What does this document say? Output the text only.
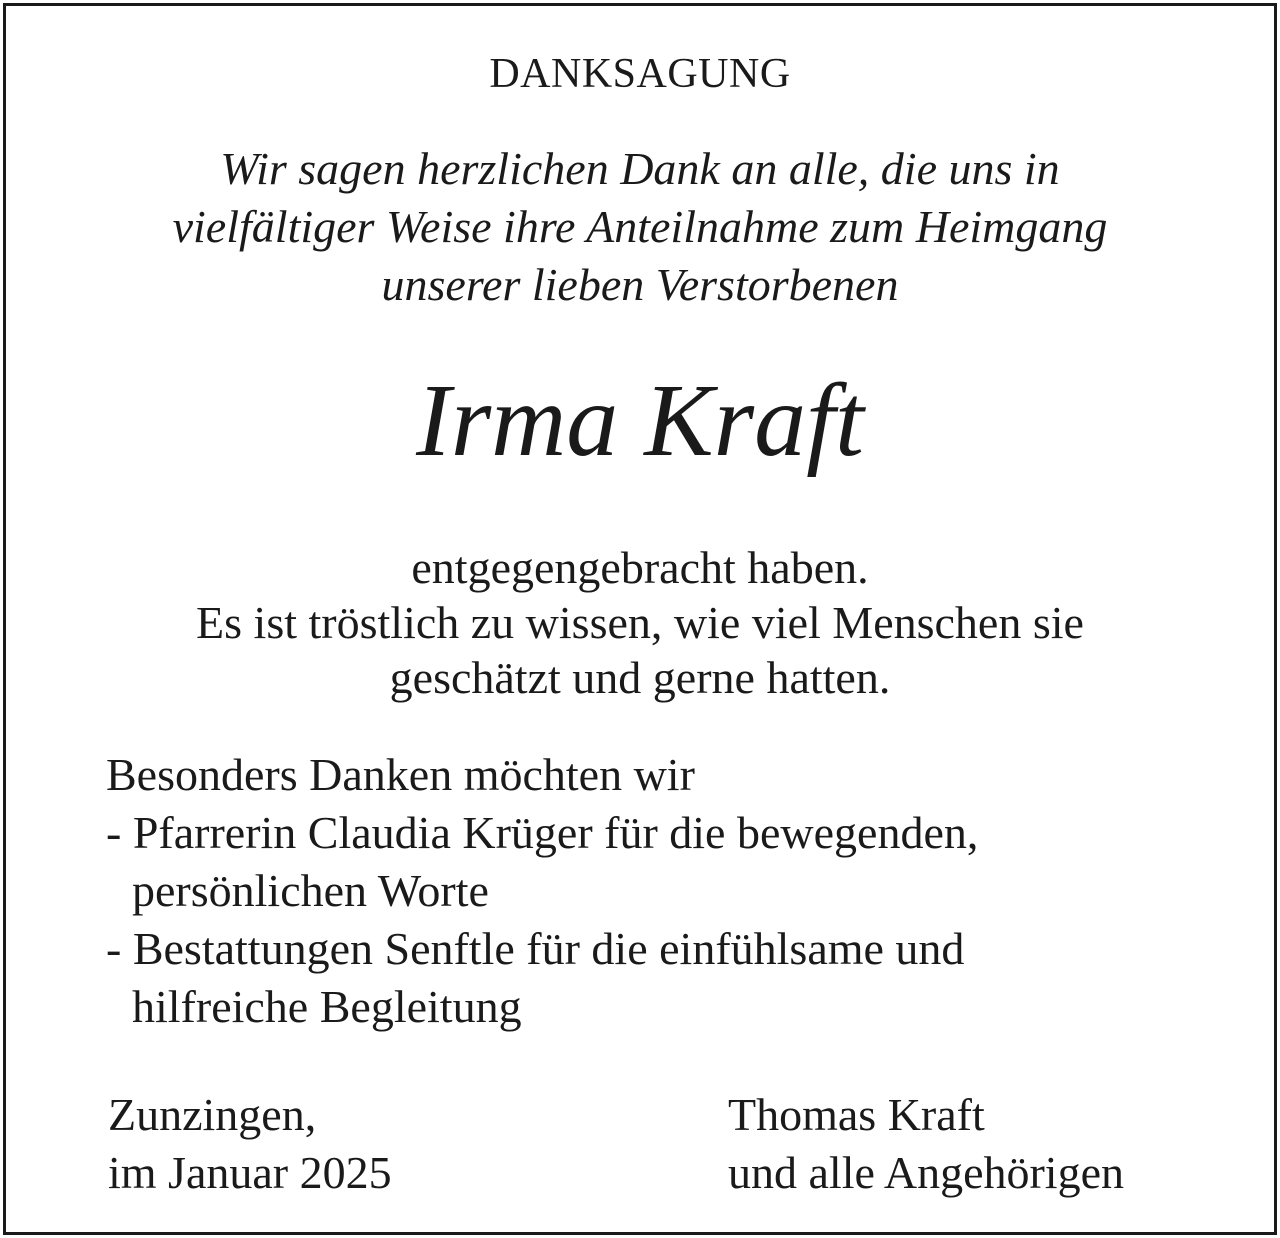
DANKSAGUNG
Wir sagen herzlichen Dank an alle, die uns in
vielfältiger Weise ihre Anteilnahme zum Heimgang
unserer lieben Verstorbenen
Irma Kraft
entgegengebracht haben.
Es ist tröstlich zu wissen, wie viel Menschen sie
geschätzt und gerne hatten.
Besonders Danken möchten wir
- Pfarrerin Claudia Krüger für die bewegenden,
persönlichen Worte
- Bestattungen Senftle für die einfühlsame und
hilfreiche Begleitung
Zunzingen,
im Januar 2025
Thomas Kraft
und alle Angehörigen
